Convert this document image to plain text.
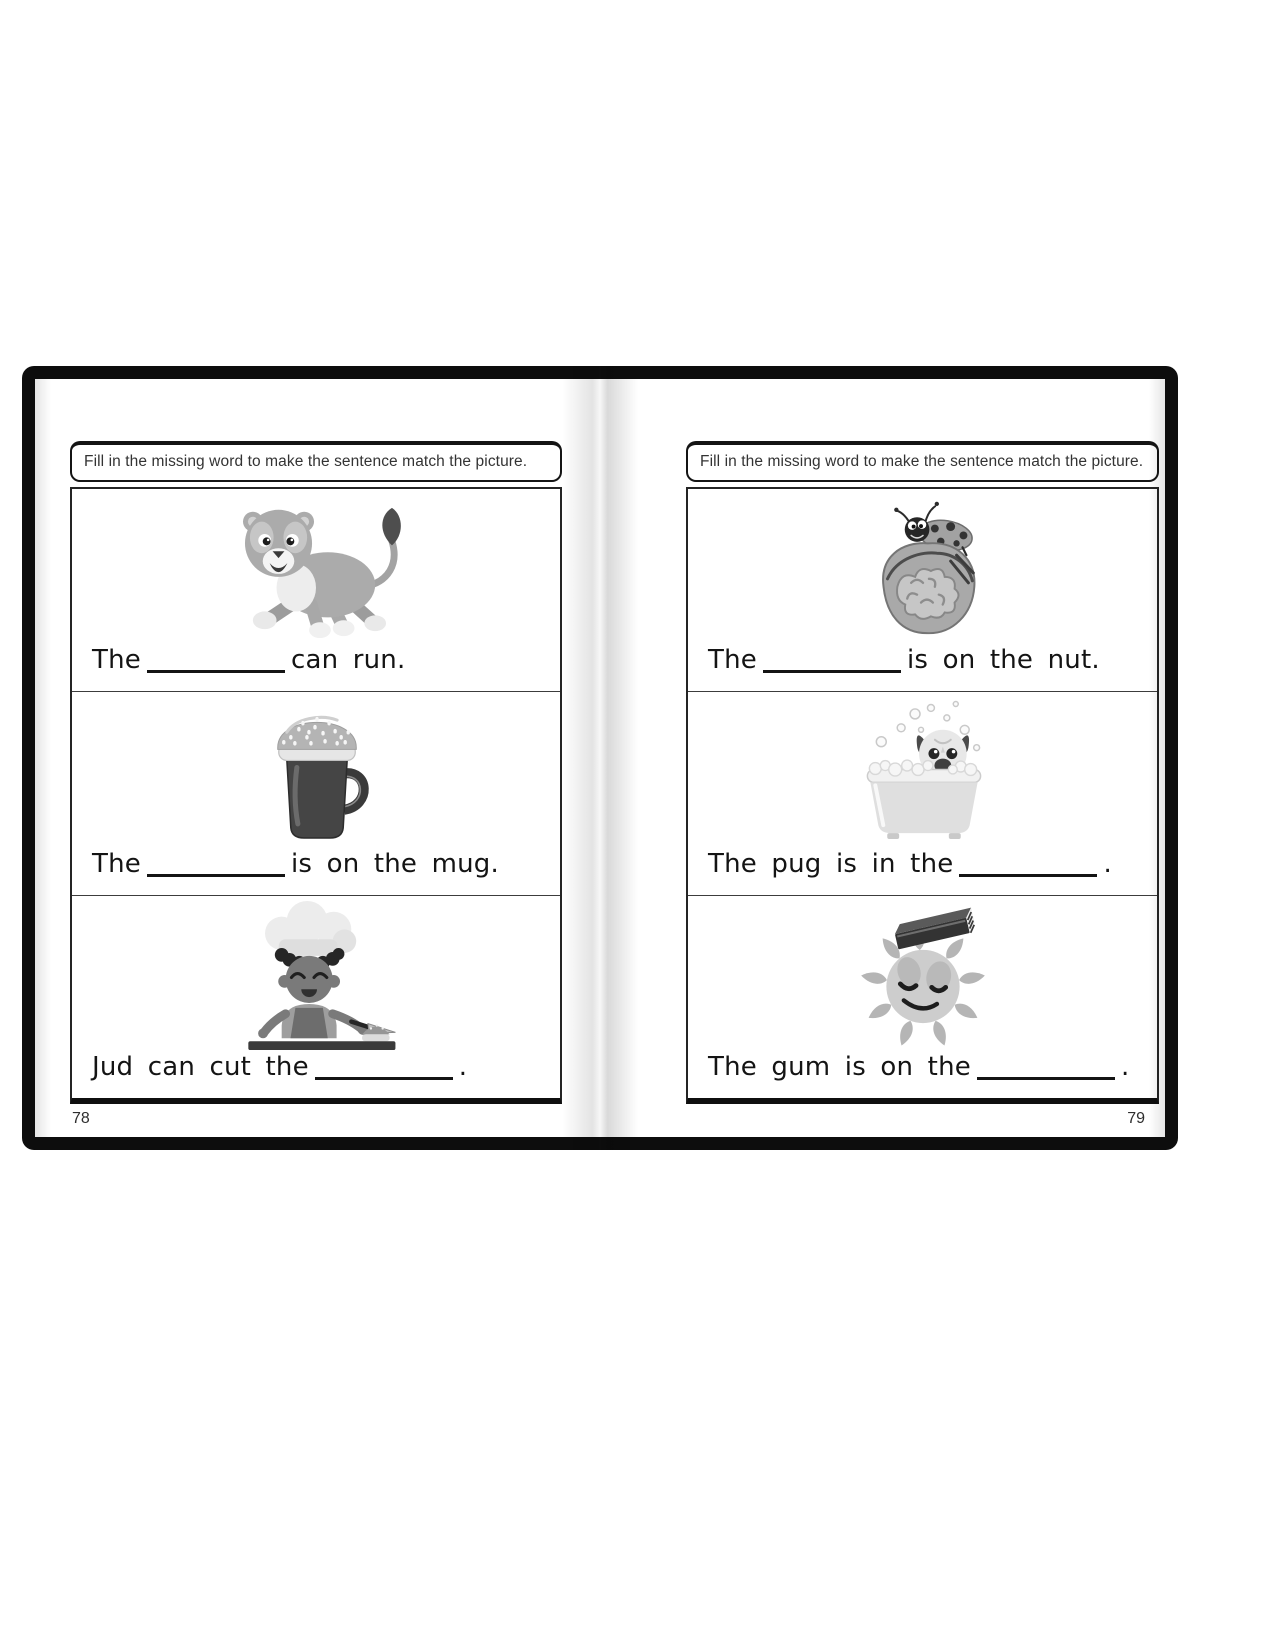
Fill in the missing word to make the sentence match the picture.
The	can run.
The	is on the mug.
Jud can cut the	.
78
Fill in the missing word to make the sentence match the picture.
The	is on the nut.
The pug is in the	.
The gum is on the	.
79
